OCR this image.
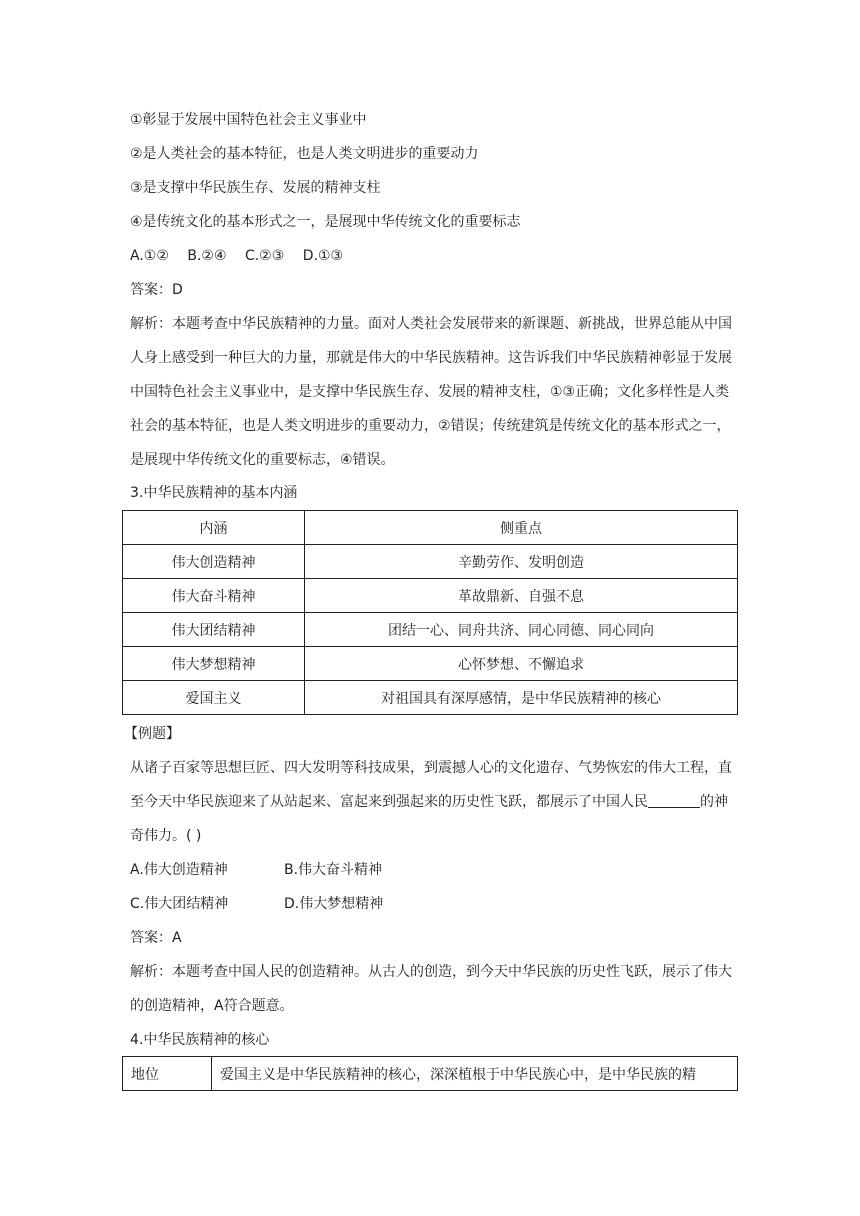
①彰显于发展中国特色社会主义事业中
②是人类社会的基本特征，也是人类文明进步的重要动力
③是支撑中华民族生存、发展的精神支柱
④是传统文化的基本形式之一，是展现中华传统文化的重要标志
A.①② B.②④ C.②③ D.①③
答案：D

解析：本题考查中华民族精神的力量。面对人类社会发展带来的新课题、新挑战，世界总能从中国人身上感受到一种巨大的力量，那就是伟大的中华民族精神。这告诉我们中华民族精神彰显于发展中国特色社会主义事业中，是支撑中华民族生存、发展的精神支柱，①③正确；文化多样性是人类社会的基本特征，也是人类文明进步的重要动力，②错误；传统建筑是传统文化的基本形式之一，是展现中华传统文化的重要标志，④错误。

3.中华民族精神的基本内涵
内涵	侧重点
伟大创造精神	辛勤劳作、发明创造
伟大奋斗精神	革故鼎新、自强不息
伟大团结精神	团结一心、同舟共济、同心同德、同心同向
伟大梦想精神	心怀梦想、不懈追求
爱国主义	对祖国具有深厚感情，是中华民族精神的核心
【例题】

从诸子百家等思想巨匠、四大发明等科技成果，到震撼人心的文化遗存、气势恢宏的伟大工程，直至今天中华民族迎来了从站起来、富起来到强起来的历史性飞跃，都展示了中国人民	的神奇伟力。( )

A.伟大创造精神	B.伟大奋斗精神
C.伟大团结精神	D.伟大梦想精神
答案：A

解析：本题考查中国人民的创造精神。从古人的创造，到今天中华民族的历史性飞跃，展示了伟大的创造精神，A符合题意。

4.中华民族精神的核心
地位	爱国主义是中华民族精神的核心，深深植根于中华民族心中，是中华民族的精
